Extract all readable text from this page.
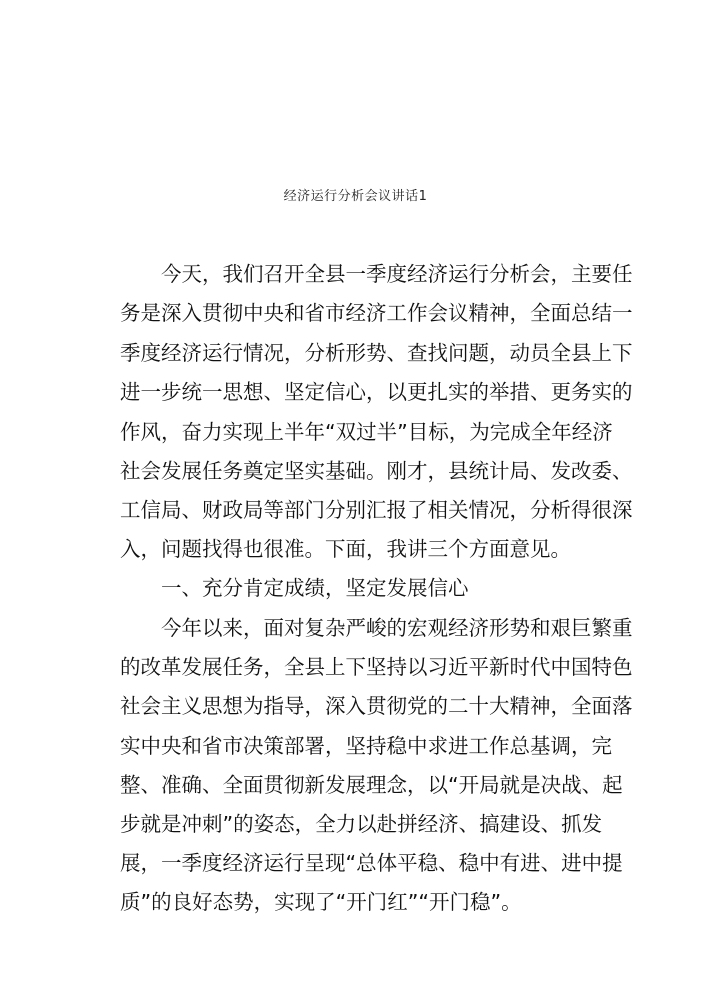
经济运行分析会议讲话1
今天，我们召开全县一季度经济运行分析会，主要任
务是深入贯彻中央和省市经济工作会议精神，全面总结一
季度经济运行情况，分析形势、查找问题，动员全县上下
进一步统一思想、坚定信心，以更扎实的举措、更务实的
作风，奋力实现上半年“双过半”目标，为完成全年经济
社会发展任务奠定坚实基础。刚才，县统计局、发改委、
工信局、财政局等部门分别汇报了相关情况，分析得很深
入，问题找得也很准。下面，我讲三个方面意见。
一、充分肯定成绩，坚定发展信心
今年以来，面对复杂严峻的宏观经济形势和艰巨繁重
的改革发展任务，全县上下坚持以习近平新时代中国特色
社会主义思想为指导，深入贯彻党的二十大精神，全面落
实中央和省市决策部署，坚持稳中求进工作总基调，完
整、准确、全面贯彻新发展理念，以“开局就是决战、起
步就是冲刺”的姿态，全力以赴拼经济、搞建设、抓发
展，一季度经济运行呈现“总体平稳、稳中有进、进中提
质”的良好态势，实现了“开门红”“开门稳”。
